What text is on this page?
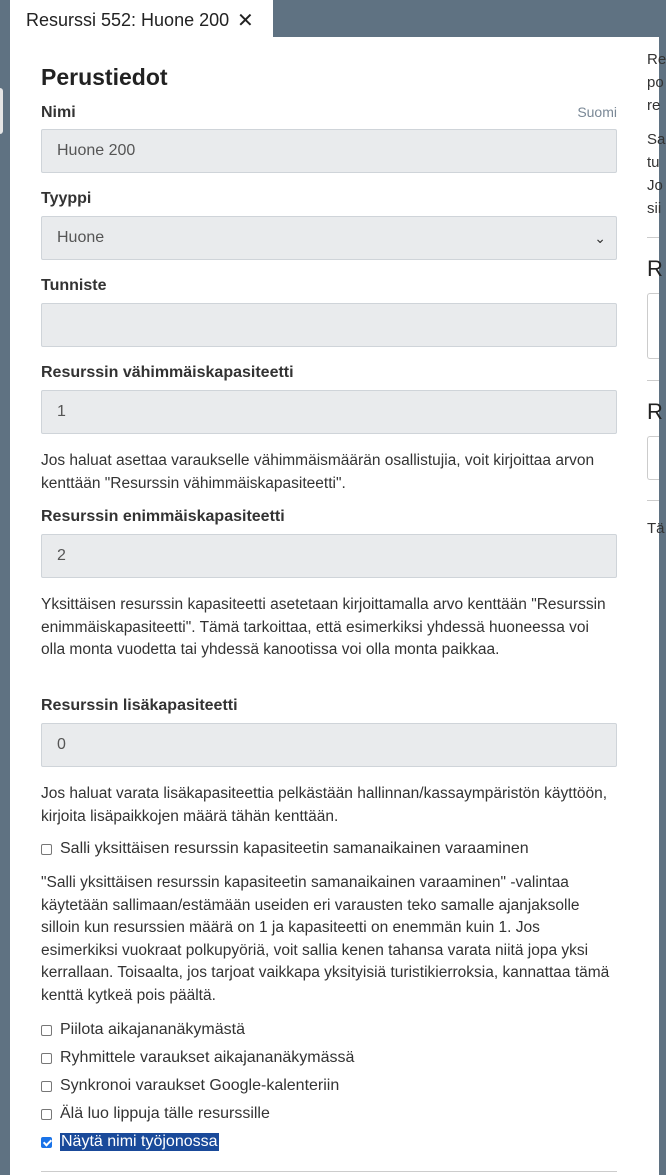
Resurssi 552: Huone 200 ✕
Perustiedot
Nimi	Suomi
Huone 200
Tyyppi
Huone	⌄
Tunniste
Resurssin vähimmäiskapasiteetti
1

Jos haluat asettaa varaukselle vähimmäismäärän osallistujia, voit kirjoittaa arvon kenttään "Resurssin vähimmäiskapasiteetti".

Resurssin enimmäiskapasiteetti
2

Yksittäisen resurssin kapasiteetti asetetaan kirjoittamalla arvo kenttään "Resurssin enimmäiskapasiteetti". Tämä tarkoittaa, että esimerkiksi yhdessä huoneessa voi olla monta vuodetta tai yhdessä kanootissa voi olla monta paikkaa.

Resurssin lisäkapasiteetti
0

Jos haluat varata lisäkapasiteettia pelkästään hallinnan/kassaympäristön käyttöön, kirjoita lisäpaikkojen määrä tähän kenttään.

Salli yksittäisen resurssin kapasiteetin samanaikainen varaaminen

"Salli yksittäisen resurssin kapasiteetin samanaikainen varaaminen" -valintaa käytetään sallimaan/estämään useiden eri varausten teko samalle ajanjaksolle silloin kun resurssien määrä on 1 ja kapasiteetti on enemmän kuin 1. Jos esimerkiksi vuokraat polkupyöriä, voit sallia kenen tahansa varata niitä jopa yksi kerrallaan. Toisaalta, jos tarjoat vaikkapa yksityisiä turistikierroksia, kannattaa tämä kenttä kytkeä pois päältä.

Piilota aikajananäkymästä
Ryhmittele varaukset aikajananäkymässä
Synkronoi varaukset Google-kalenteriin
Älä luo lippuja tälle resurssille
Näytä nimi työjonossa
Re
po
re
Sa
tu
Jo
sii
R
R
Tä
